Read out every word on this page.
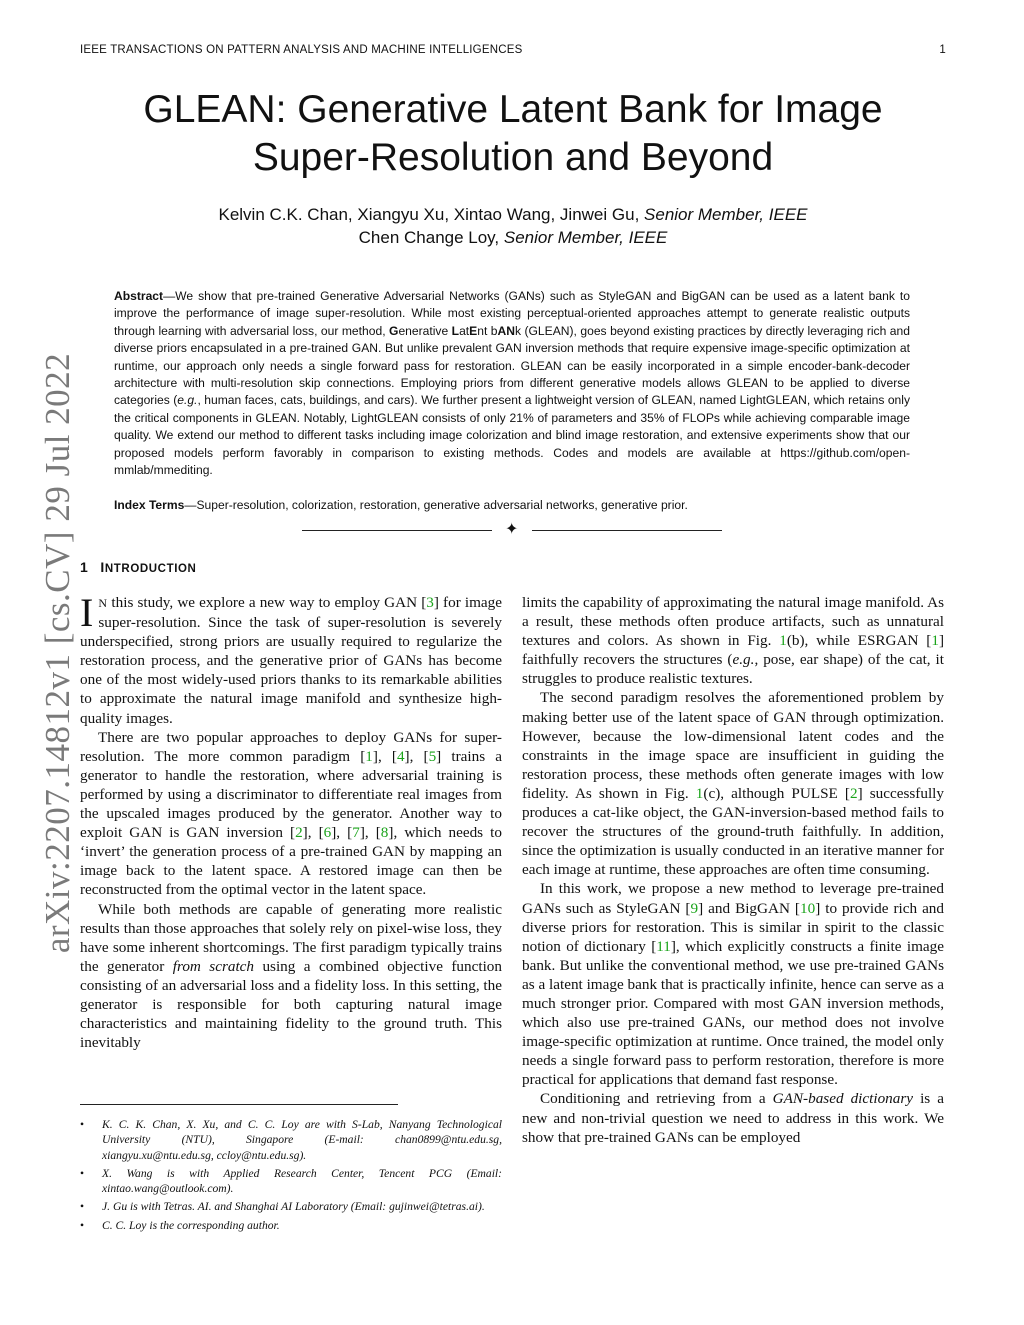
IEEE TRANSACTIONS ON PATTERN ANALYSIS AND MACHINE INTELLIGENCES	1
arXiv:2207.14812v1 [cs.CV] 29 Jul 2022
GLEAN: Generative Latent Bank for Image
Super-Resolution and Beyond
Kelvin C.K. Chan, Xiangyu Xu, Xintao Wang, Jinwei Gu, Senior Member, IEEE
Chen Change Loy, Senior Member, IEEE
Abstract—We show that pre-trained Generative Adversarial Networks (GANs) such as StyleGAN and BigGAN can be used as a latent bank to improve the performance of image super-resolution. While most existing perceptual-oriented approaches attempt to generate realistic outputs through learning with adversarial loss, our method, Generative LatEnt bANk (GLEAN), goes beyond existing practices by directly leveraging rich and diverse priors encapsulated in a pre-trained GAN. But unlike prevalent GAN inversion methods that require expensive image-specific optimization at runtime, our approach only needs a single forward pass for restoration. GLEAN can be easily incorporated in a simple encoder-bank-decoder architecture with multi-resolution skip connections. Employing priors from different generative models allows GLEAN to be applied to diverse categories (e.g., human faces, cats, buildings, and cars). We further present a lightweight version of GLEAN, named LightGLEAN, which retains only the critical components in GLEAN. Notably, LightGLEAN consists of only 21% of parameters and 35% of FLOPs while achieving comparable image quality. We extend our method to different tasks including image colorization and blind image restoration, and extensive experiments show that our proposed models perform favorably in comparison to existing methods. Codes and models are available at https://github.com/open-mmlab/mmediting.
Index Terms—Super-resolution, colorization, restoration, generative adversarial networks, generative prior.
✦
1 INTRODUCTION

I N this study, we explore a new way to employ GAN [3] for image super-resolution. Since the task of super-resolution is severely underspecified, strong priors are usually required to regularize the restoration process, and the generative prior of GANs has become one of the most widely-used priors thanks to its remarkable abilities to approximate the natural image manifold and synthesize high-quality images.

There are two popular approaches to deploy GANs for super-resolution. The more common paradigm [1], [4], [5] trains a generator to handle the restoration, where adversarial training is performed by using a discriminator to differentiate real images from the upscaled images produced by the generator. Another way to exploit GAN is GAN inversion [2], [6], [7], [8], which needs to ‘invert’ the generation process of a pre-trained GAN by mapping an image back to the latent space. A restored image can then be reconstructed from the optimal vector in the latent space.

While both methods are capable of generating more realistic results than those approaches that solely rely on pixel-wise loss, they have some inherent shortcomings. The first paradigm typically trains the generator from scratch using a combined objective function consisting of an adversarial loss and a fidelity loss. In this setting, the generator is responsible for both capturing natural image characteristics and maintaining fidelity to the ground truth. This inevitably

• K. C. K. Chan, X. Xu, and C. C. Loy are with S-Lab, Nanyang Technological University (NTU), Singapore (E-mail: chan0899@ntu.edu.sg, xiangyu.xu@ntu.edu.sg, ccloy@ntu.edu.sg).
• X. Wang is with Applied Research Center, Tencent PCG (Email: xintao.wang@outlook.com).
• J. Gu is with Tetras. AI. and Shanghai AI Laboratory (Email: gujinwei@tetras.ai).
• C. C. Loy is the corresponding author.

limits the capability of approximating the natural image manifold. As a result, these methods often produce artifacts, such as unnatural textures and colors. As shown in Fig. 1(b), while ESRGAN [1] faithfully recovers the structures (e.g., pose, ear shape) of the cat, it struggles to produce realistic textures.

The second paradigm resolves the aforementioned problem by making better use of the latent space of GAN through optimization. However, because the low-dimensional latent codes and the constraints in the image space are insufficient in guiding the restoration process, these methods often generate images with low fidelity. As shown in Fig. 1(c), although PULSE [2] successfully produces a cat-like object, the GAN-inversion-based method fails to recover the structures of the ground-truth faithfully. In addition, since the optimization is usually conducted in an iterative manner for each image at runtime, these approaches are often time consuming.

In this work, we propose a new method to leverage pre-trained GANs such as StyleGAN [9] and BigGAN [10] to provide rich and diverse priors for restoration. This is similar in spirit to the classic notion of dictionary [11], which explicitly constructs a finite image bank. But unlike the conventional method, we use pre-trained GANs as a latent image bank that is practically infinite, hence can serve as a much stronger prior. Compared with most GAN inversion methods, which also use pre-trained GANs, our method does not involve image-specific optimization at runtime. Once trained, the model only needs a single forward pass to perform restoration, therefore is more practical for applications that demand fast response.

Conditioning and retrieving from a GAN-based dictionary is a new and non-trivial question we need to address in this work. We show that pre-trained GANs can be employed
